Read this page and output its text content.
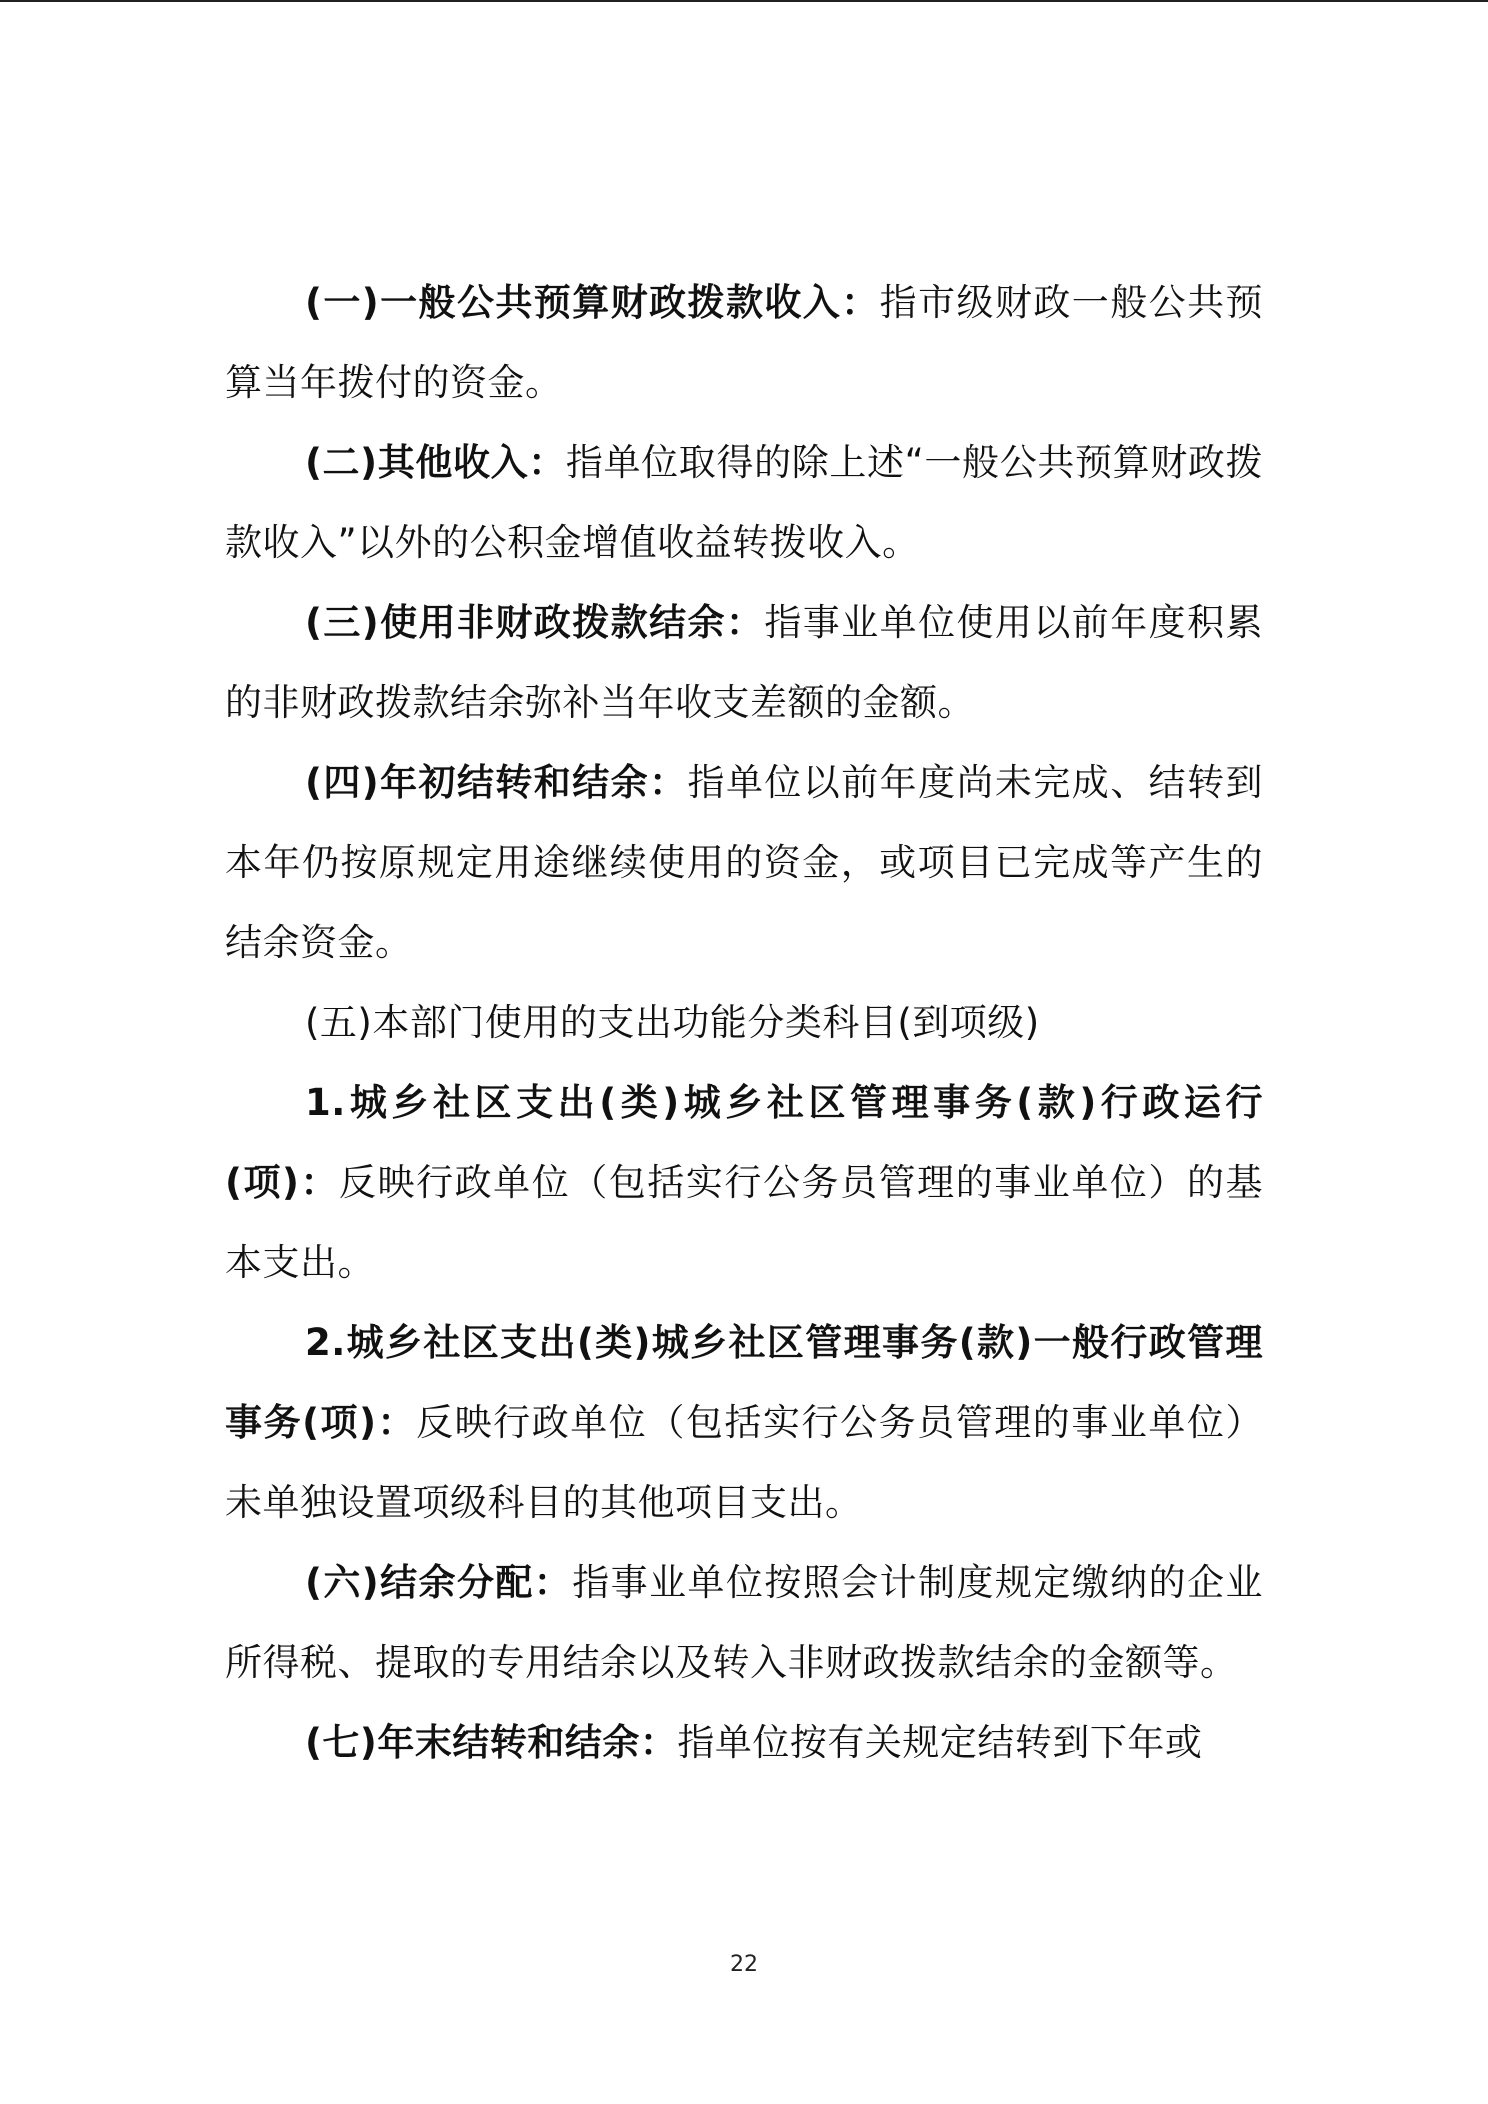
(一)一般公共预算财政拨款收入：指市级财政一般公共预算当年拨付的资金。

(二)其他收入：指单位取得的除上述“一般公共预算财政拨款收入”以外的公积金增值收益转拨收入。

(三)使用非财政拨款结余：指事业单位使用以前年度积累的非财政拨款结余弥补当年收支差额的金额。

(四)年初结转和结余：指单位以前年度尚未完成、结转到本年仍按原规定用途继续使用的资金，或项目已完成等产生的结余资金。

(五)本部门使用的支出功能分类科目(到项级)

1.城乡社区支出(类)城乡社区管理事务(款)行政运行(项)：反映行政单位（包括实行公务员管理的事业单位）的基本支出。

2.城乡社区支出(类)城乡社区管理事务(款)一般行政管理事务(项)：反映行政单位（包括实行公务员管理的事业单位）未单独设置项级科目的其他项目支出。

(六)结余分配：指事业单位按照会计制度规定缴纳的企业所得税、提取的专用结余以及转入非财政拨款结余的金额等。

(七)年末结转和结余：指单位按有关规定结转到下年或

22
